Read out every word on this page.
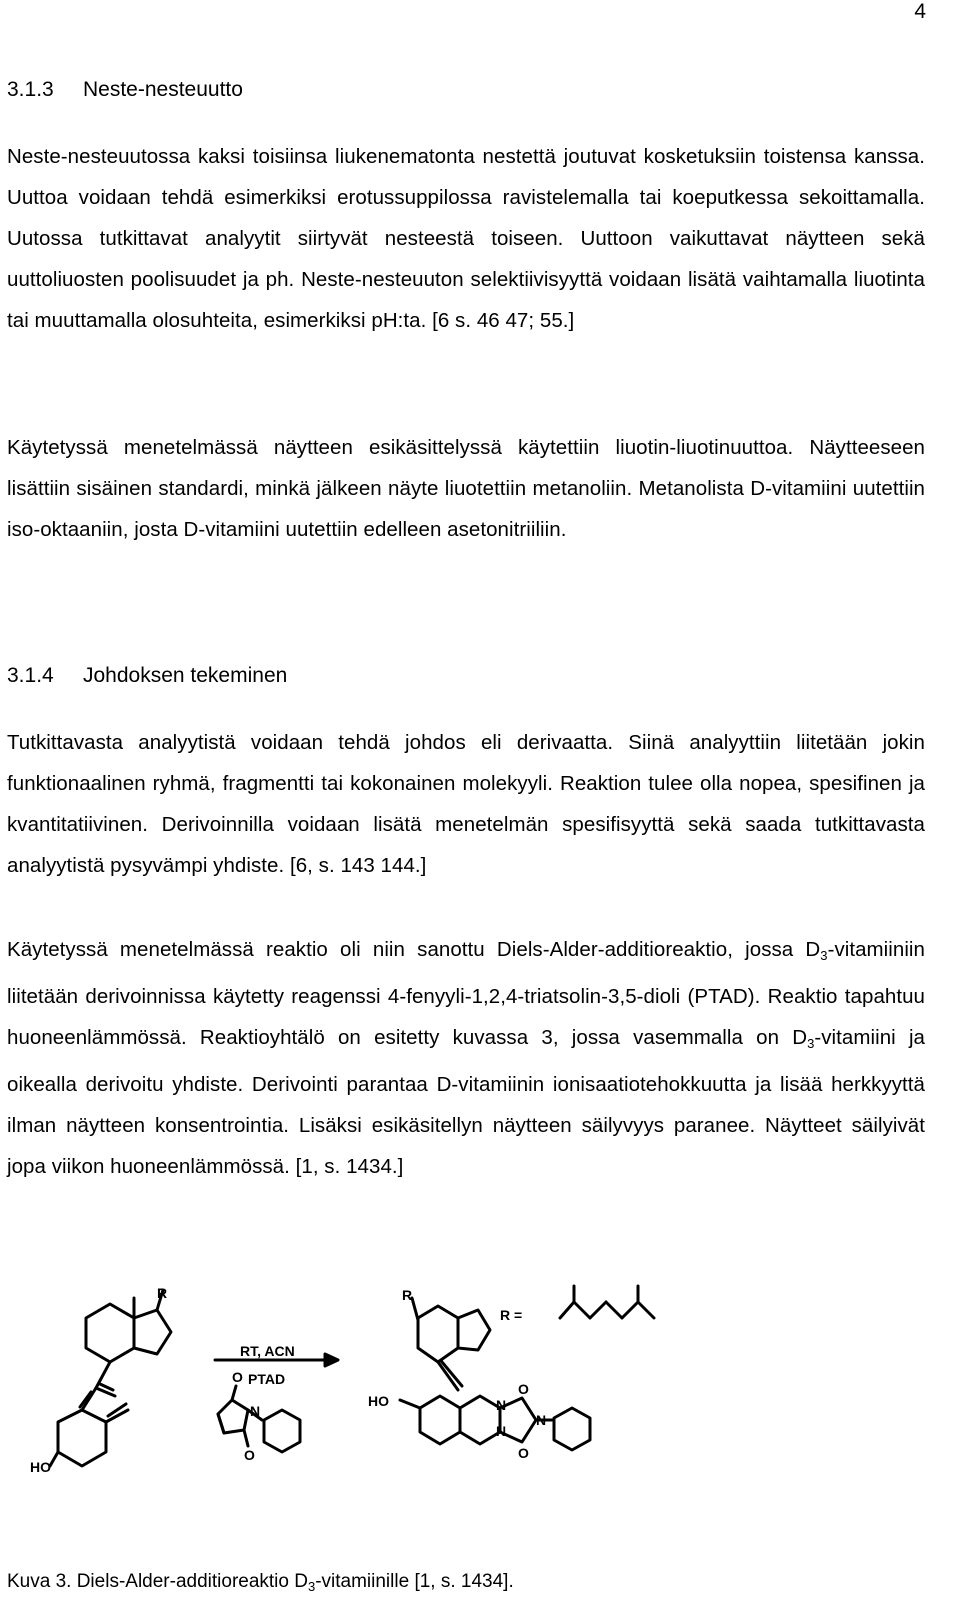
4
3.1.3 Neste-nesteuutto

Neste-nesteuutossa kaksi toisiinsa liukenematonta nestettä joutuvat kosketuksiin toistensa kanssa. Uuttoa voidaan tehdä esimerkiksi erotussuppilossa ravistelemalla tai koeputkessa sekoittamalla. Uutossa tutkittavat analyytit siirtyvät nesteestä toiseen. Uuttoon vaikuttavat näytteen sekä uuttoliuosten poolisuudet ja ph. Neste-nesteuuton selektiivisyyttä voidaan lisätä vaihtamalla liuotinta tai muuttamalla olosuhteita, esimerkiksi pH:ta. [6 s. 46 47; 55.]

Käytetyssä menetelmässä näytteen esikäsittelyssä käytettiin liuotin-liuotinuuttoa. Näytteeseen lisättiin sisäinen standardi, minkä jälkeen näyte liuotettiin metanoliin. Metanolista D-vitamiini uutettiin iso-oktaaniin, josta D-vitamiini uutettiin edelleen asetonitriiliin.

3.1.4 Johdoksen tekeminen

Tutkittavasta analyytistä voidaan tehdä johdos eli derivaatta. Siinä analyyttiin liitetään jokin funktionaalinen ryhmä, fragmentti tai kokonainen molekyyli. Reaktion tulee olla nopea, spesifinen ja kvantitatiivinen. Derivoinnilla voidaan lisätä menetelmän spesifisyyttä sekä saada tutkittavasta analyytistä pysyvämpi yhdiste. [6, s. 143 144.]

Käytetyssä menetelmässä reaktio oli niin sanottu Diels-Alder-additioreaktio, jossa $D_3$-vitamiiniin liitetään derivoinnissa käytetty reagenssi 4-fenyyli-1,2,4-triatsolin-3,5-dioli (PTAD). Reaktio tapahtuu huoneenlämmössä. Reaktioyhtälö on esitetty kuvassa 3, jossa vasemmalla on $D_3$-vitamiini ja oikealla derivoitu yhdiste. Derivointi parantaa D-vitamiinin ionisaatiotehokkuutta ja lisää herkkyyttä ilman näytteen konsentrointia. Lisäksi esikäsitellyn näytteen säilyvyys paranee. Näytteet säilyivät jopa viikon huoneenlämmössä. [1, s. 1434.]

R
HO
RT, ACN
PTAD
O
O
N
R
R =
HO	N
N
N
O
O
Kuva 3. Diels-Alder-additioreaktio $D_3$-vitamiinille [1, s. 1434].
